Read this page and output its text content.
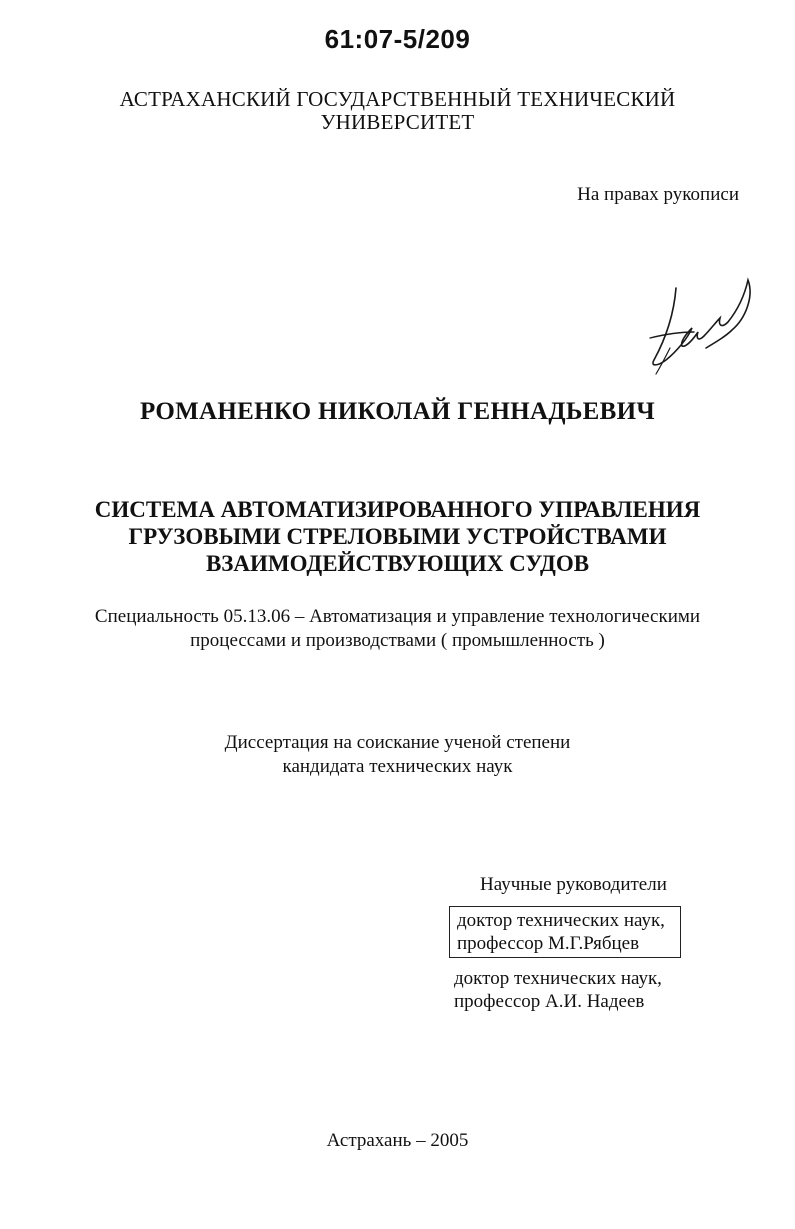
61:07-5/209
АСТРАХАНСКИЙ ГОСУДАРСТВЕННЫЙ ТЕХНИЧЕСКИЙ
УНИВЕРСИТЕТ
На правах рукописи
РОМАНЕНКО НИКОЛАЙ ГЕННАДЬЕВИЧ
СИСТЕМА АВТОМАТИЗИРОВАННОГО УПРАВЛЕНИЯ
ГРУЗОВЫМИ СТРЕЛОВЫМИ УСТРОЙСТВАМИ
ВЗАИМОДЕЙСТВУЮЩИХ СУДОВ
Специальность 05.13.06 – Автоматизация и управление технологическими
процессами и производствами ( промышленность )
Диссертация на соискание ученой степени
кандидата технических наук
Научные руководители
доктор технических наук,
профессор М.Г.Рябцев
доктор технических наук,
профессор А.И. Надеев
Астрахань – 2005
